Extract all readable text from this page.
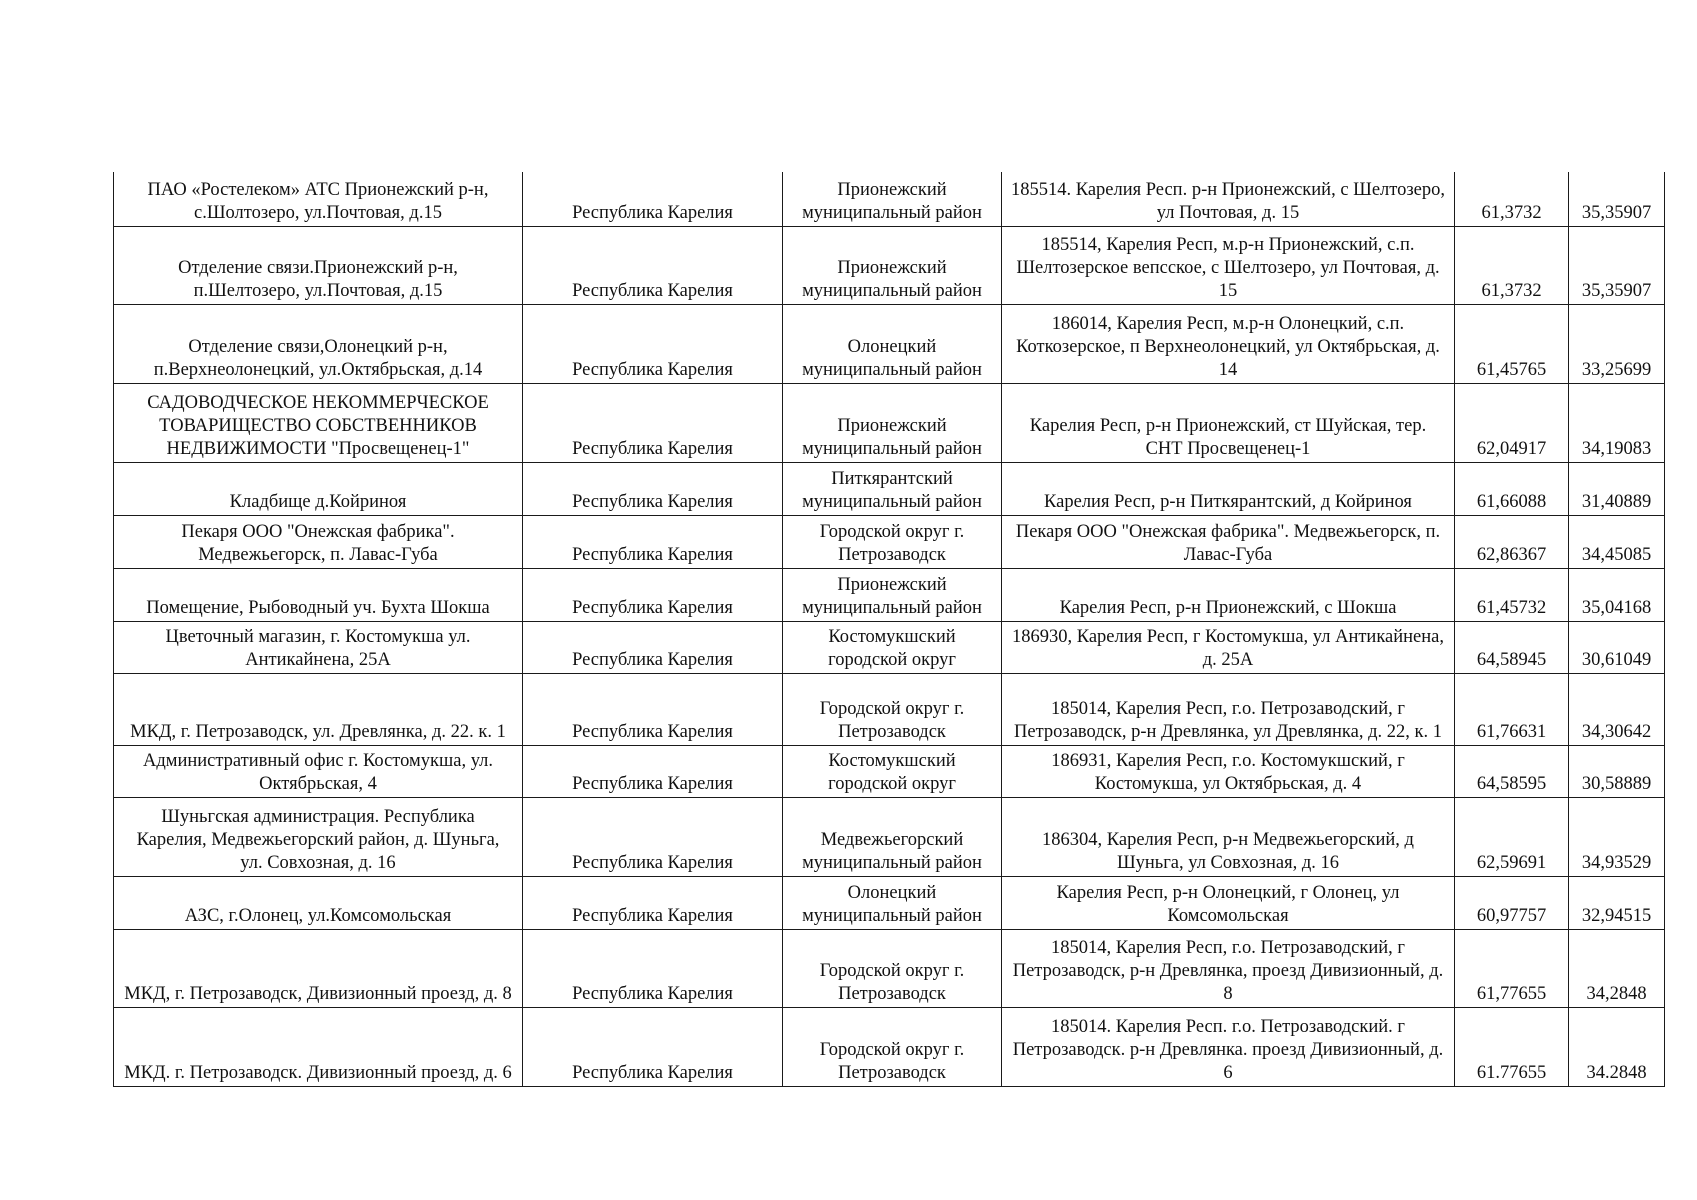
ПАО «Ростелеком» АТС Прионежский р-н, с.Шолтозеро, ул.Почтовая, д.15	Республика Карелия	Прионежский муниципальный район	185514. Карелия Респ. р-н Прионежский, с Шелтозеро, ул Почтовая, д. 15	61,3732	35,35907
Отделение связи.Прионежский р-н, п.Шелтозеро, ул.Почтовая, д.15	Республика Карелия	Прионежский муниципальный район	185514, Карелия Респ, м.р-н Прионежский, с.п. Шелтозерское вепсское, с Шелтозеро, ул Почтовая, д. 15	61,3732	35,35907
Отделение связи,Олонецкий р-н, п.Верхнеолонецкий, ул.Октябрьская, д.14	Республика Карелия	Олонецкий муниципальный район	186014, Карелия Респ, м.р-н Олонецкий, с.п. Коткозерское, п Верхнеолонецкий, ул Октябрьская, д. 14	61,45765	33,25699
САДОВОДЧЕСКОЕ НЕКОММЕРЧЕСКОЕ ТОВАРИЩЕСТВО СОБСТВЕННИКОВ НЕДВИЖИМОСТИ "Просвещенец-1"	Республика Карелия	Прионежский муниципальный район	Карелия Респ, р-н Прионежский, ст Шуйская, тер. СНТ Просвещенец-1	62,04917	34,19083
Кладбище д.Койриноя	Республика Карелия	Питкярантский муниципальный район	Карелия Респ, р-н Питкярантский, д Койриноя	61,66088	31,40889
Пекаря ООО "Онежская фабрика". Медвежьегорск, п. Лавас-Губа	Республика Карелия	Городской округ г. Петрозаводск	Пекаря ООО "Онежская фабрика". Медвежьегорск, п. Лавас-Губа	62,86367	34,45085
Помещение, Рыбоводный уч. Бухта Шокша	Республика Карелия	Прионежский муниципальный район	Карелия Респ, р-н Прионежский, с Шокша	61,45732	35,04168
Цветочный магазин, г. Костомукша ул. Антикайнена, 25А	Республика Карелия	Костомукшский городской округ	186930, Карелия Респ, г Костомукша, ул Антикайнена, д. 25А	64,58945	30,61049
МКД, г. Петрозаводск, ул. Древлянка, д. 22. к. 1	Республика Карелия	Городской округ г. Петрозаводск	185014, Карелия Респ, г.о. Петрозаводский, г Петрозаводск, р-н Древлянка, ул Древлянка, д. 22, к. 1	61,76631	34,30642
Административный офис г. Костомукша, ул. Октябрьская, 4	Республика Карелия	Костомукшский городской округ	186931, Карелия Респ, г.о. Костомукшский, г Костомукша, ул Октябрьская, д. 4	64,58595	30,58889
Шуньгская администрация. Республика Карелия, Медвежьегорский район, д. Шуньга, ул. Совхозная, д. 16	Республика Карелия	Медвежьегорский муниципальный район	186304, Карелия Респ, р-н Медвежьегорский, д Шуньга, ул Совхозная, д. 16	62,59691	34,93529
АЗС, г.Олонец, ул.Комсомольская	Республика Карелия	Олонецкий муниципальный район	Карелия Респ, р-н Олонецкий, г Олонец, ул Комсомольская	60,97757	32,94515
МКД, г. Петрозаводск, Дивизионный проезд, д. 8	Республика Карелия	Городской округ г. Петрозаводск	185014, Карелия Респ, г.о. Петрозаводский, г Петрозаводск, р-н Древлянка, проезд Дивизионный, д. 8	61,77655	34,2848
МКД. г. Петрозаводск. Дивизионный проезд, д. 6	Республика Карелия	Городской округ г. Петрозаводск	185014. Карелия Респ. г.о. Петрозаводский. г Петрозаводск. р-н Древлянка. проезд Дивизионный, д. 6	61.77655	34.2848
